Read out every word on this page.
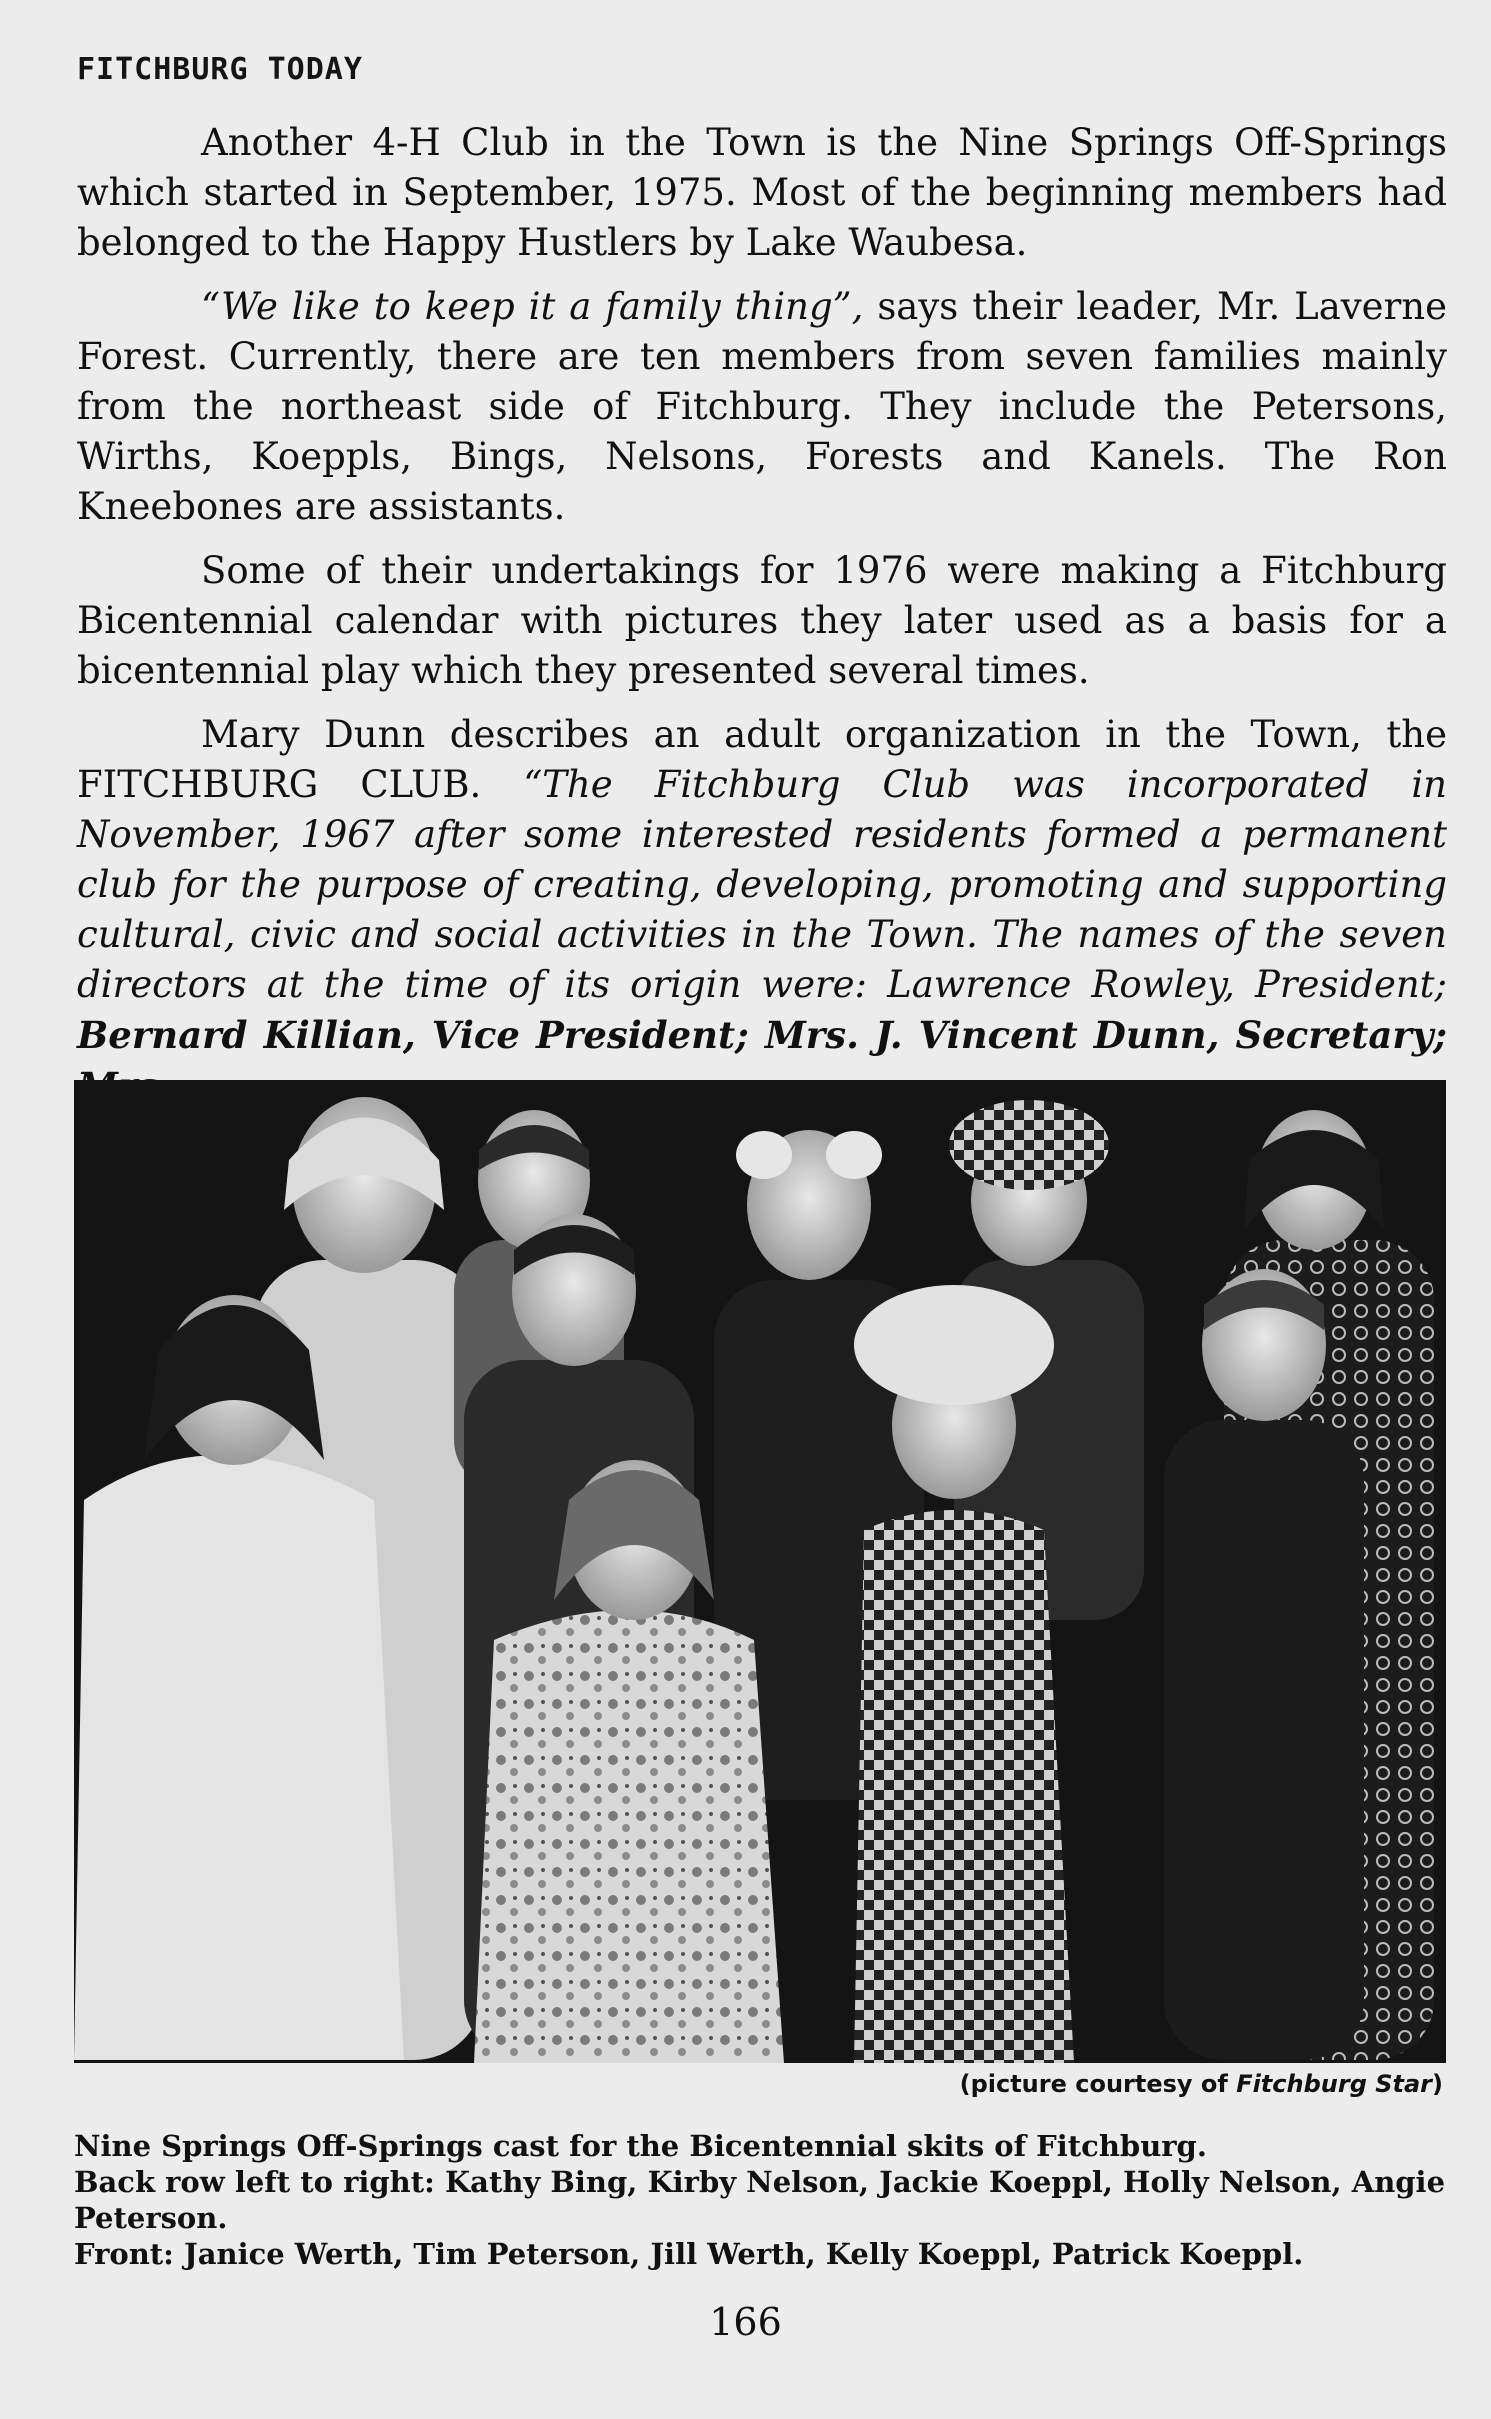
FITCHBURG TODAY

Another 4-H Club in the Town is the Nine Springs Off-Springs which started in September, 1975. Most of the beginning members had belonged to the Happy Hustlers by Lake Waubesa.

“We like to keep it a family thing”, says their leader, Mr. Laverne Forest. Currently, there are ten members from seven families mainly from the northeast side of Fitchburg. They include the Petersons, Wirths, Koeppls, Bings, Nelsons, Forests and Kanels. The Ron Kneebones are assistants.

Some of their undertakings for 1976 were making a Fitchburg Bicentennial calendar with pictures they later used as a basis for a bicentennial play which they presented several times.

Mary Dunn describes an adult organization in the Town, the FITCHBURG CLUB. “The Fitchburg Club was incorporated in November, 1967 after some interested residents formed a permanent club for the purpose of creating, developing, promoting and supporting cultural, civic and social activities in the Town. The names of the seven directors at the time of its origin were: Lawrence Rowley, President; Bernard Killian, Vice President; Mrs. J. Vincent Dunn, Secretary;

(picture courtesy of Fitchburg Star)
Nine Springs Off-Springs cast for the Bicentennial skits of Fitchburg.
Back row left to right: Kathy Bing, Kirby Nelson, Jackie Koeppl, Holly Nelson, Angie Peterson.
Front: Janice Werth, Tim Peterson, Jill Werth, Kelly Koeppl, Patrick Koeppl.
166
